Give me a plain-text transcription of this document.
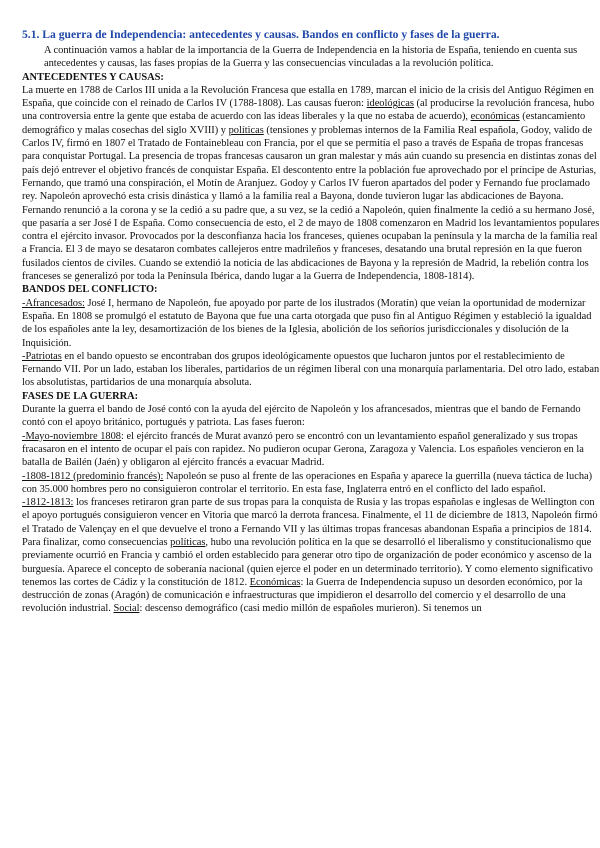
5.1. La guerra de Independencia: antecedentes y causas. Bandos en conflicto y fases de la guerra.

A continuación vamos a hablar de la importancia de la Guerra de Independencia en la historia de España, teniendo en cuenta sus antecedentes y causas, las fases propias de la Guerra y las consecuencias vinculadas a la revolución política.

ANTECEDENTES Y CAUSAS:

La muerte en 1788 de Carlos III unida a la Revolución Francesa que estalla en 1789, marcan el inicio de la crisis del Antiguo Régimen en España, que coincide con el reinado de Carlos IV (1788-1808). Las causas fueron: ideológicas (al producirse la revolución francesa, hubo una controversia entre la gente que estaba de acuerdo con las ideas liberales y la que no estaba de acuerdo), económicas (estancamiento demográfico y malas cosechas del siglo XVIII) y políticas (tensiones y problemas internos de la Familia Real española, Godoy, valido de Carlos IV, firmó en 1807 el Tratado de Fontainebleau con Francia, por el que se permitía el paso a través de España de tropas francesas para conquistar Portugal. La presencia de tropas francesas causaron un gran malestar y más aún cuando su presencia en distintas zonas del país dejó entrever el objetivo francés de conquistar España. El descontento entre la población fue aprovechado por el príncipe de Asturias, Fernando, que tramó una conspiración, el Motín de Aranjuez. Godoy y Carlos IV fueron apartados del poder y Fernando fue proclamado rey. Napoleón aprovechó esta crisis dinástica y llamó a la familia real a Bayona, donde tuvieron lugar las abdicaciones de Bayona. Fernando renunció a la corona y se la cedió a su padre que, a su vez, se la cedió a Napoleón, quien finalmente la cedió a su hermano José, que pasaría a ser José I de España. Como consecuencia de esto, el 2 de mayo de 1808 comenzaron en Madrid los levantamientos populares contra el ejército invasor. Provocados por la desconfianza hacia los franceses, quienes ocupaban la península y la marcha de la familia real a Francia. El 3 de mayo se desataron combates callejeros entre madrileños y franceses, desatando una brutal represión en la que fueron fusilados cientos de civiles. Cuando se extendió la noticia de las abdicaciones de Bayona y la represión de Madrid, la rebelión contra los franceses se generalizó por toda la Península Ibérica, dando lugar a la Guerra de Independencia, 1808-1814).

BANDOS DEL CONFLICTO:

-Afrancesados: José I, hermano de Napoleón, fue apoyado por parte de los ilustrados (Moratín) que veían la oportunidad de modernizar España. En 1808 se promulgó el estatuto de Bayona que fue una carta otorgada que puso fin al Antiguo Régimen y estableció la igualdad de los españoles ante la ley, desamortización de los bienes de la Iglesia, abolición de los señoríos jurisdiccionales y disolución de la Inquisición.

-Patriotas en el bando opuesto se encontraban dos grupos ideológicamente opuestos que lucharon juntos por el restablecimiento de Fernando VII. Por un lado, estaban los liberales, partidarios de un régimen liberal con una monarquía parlamentaria. Del otro lado, estaban los absolutistas, partidarios de una monarquía absoluta.

FASES DE LA GUERRA:

Durante la guerra el bando de José contó con la ayuda del ejército de Napoleón y los afrancesados, mientras que el bando de Fernando contó con el apoyo británico, portugués y patriota. Las fases fueron:

-Mayo-noviembre 1808: el ejército francés de Murat avanzó pero se encontró con un levantamiento español generalizado y sus tropas fracasaron en el intento de ocupar el país con rapidez. No pudieron ocupar Gerona, Zaragoza y Valencia. Los españoles vencieron en la batalla de Bailén (Jaén) y obligaron al ejército francés a evacuar Madrid.

-1808-1812 (predominio francés): Napoleón se puso al frente de las operaciones en España y aparece la guerrilla (nueva táctica de lucha) con 35.000 hombres pero no consiguieron controlar el territorio. En esta fase, Inglaterra entró en el conflicto del lado español.

-1812-1813: los franceses retiraron gran parte de sus tropas para la conquista de Rusia y las tropas españolas e inglesas de Wellington con el apoyo portugués consiguieron vencer en Vitoria que marcó la derrota francesa. Finalmente, el 11 de diciembre de 1813, Napoleón firmó el Tratado de Valençay en el que devuelve el trono a Fernando VII y las últimas tropas francesas abandonan España a principios de 1814.

Para finalizar, como consecuencias políticas, hubo una revolución política en la que se desarrolló el liberalismo y constitucionalismo que previamente ocurrió en Francia y cambió el orden establecido para generar otro tipo de organización de poder económico y ascenso de la burguesía. Aparece el concepto de soberanía nacional (quien ejerce el poder en un determinado territorio). Y como elemento significativo tenemos las cortes de Cádiz y la constitución de 1812. Económicas: la Guerra de Independencia supuso un desorden económico, por la destrucción de zonas (Aragón) de comunicación e infraestructuras que impidieron el desarrollo del comercio y el desarrollo de una revolución industrial. Social: descenso demográfico (casi medio millón de españoles murieron). Si tenemos un
